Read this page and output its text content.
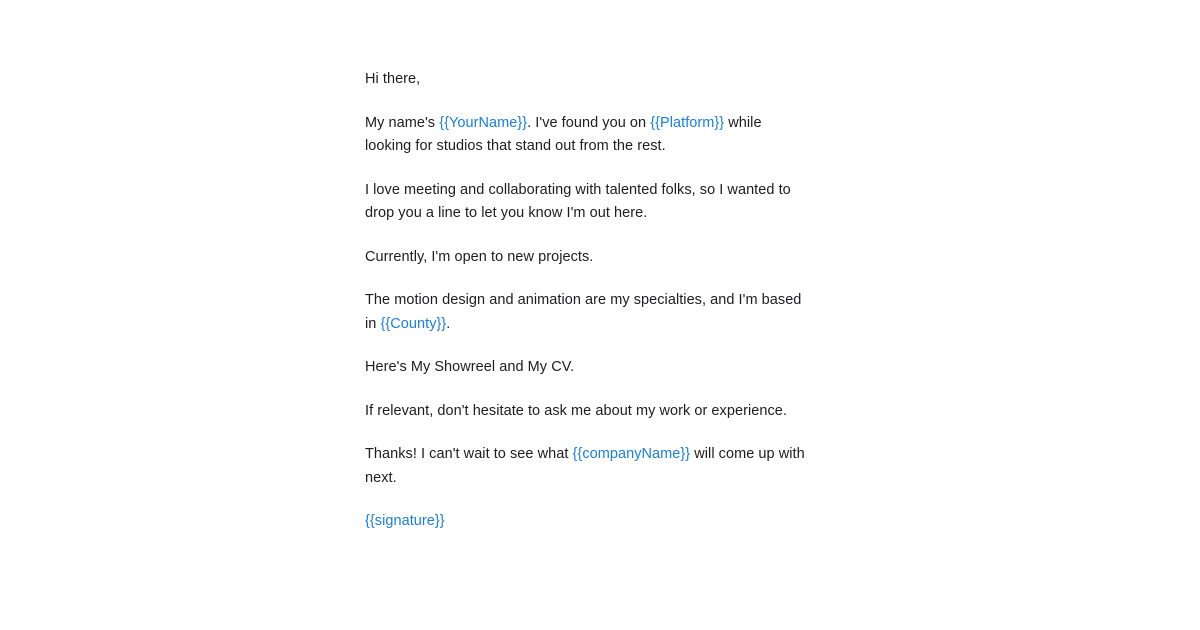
Hi there,

My name's {{YourName}}. I've found you on {{Platform}} while looking for studios that stand out from the rest.

I love meeting and collaborating with talented folks, so I wanted to drop you a line to let you know I'm out here.

Currently, I'm open to new projects.

The motion design and animation are my specialties, and I'm based in {{County}}.

Here's My Showreel and My CV.

If relevant, don't hesitate to ask me about my work or experience.

Thanks! I can't wait to see what {{companyName}} will come up with next.

{{signature}}
